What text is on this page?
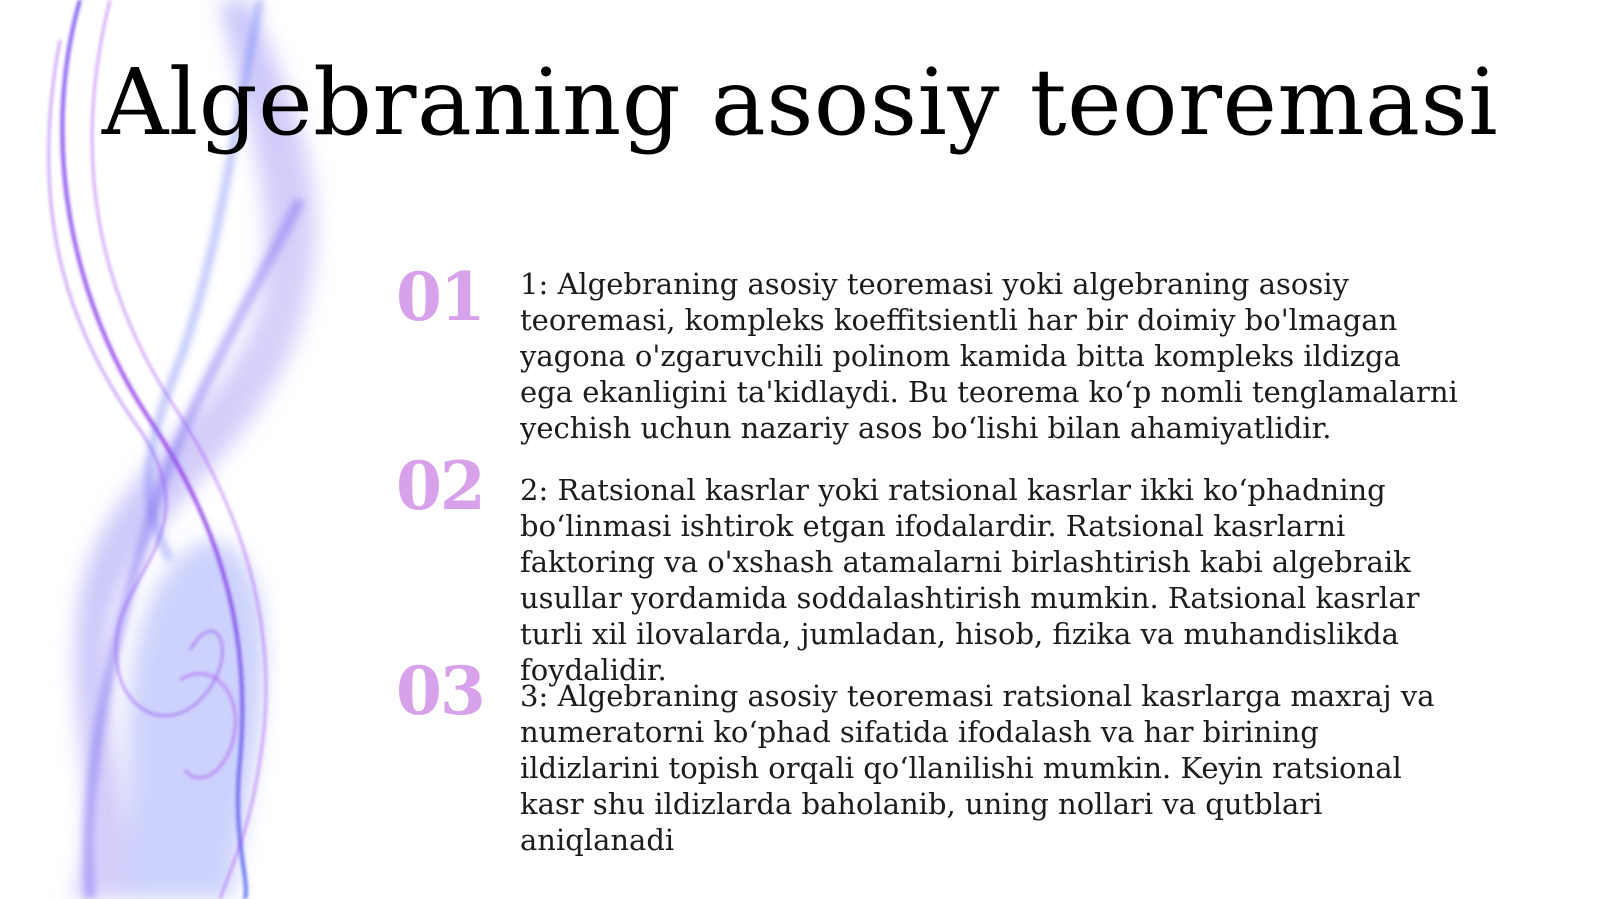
Algebraning asosiy teoremasi
01	1: Algebraning asosiy teoremasi yoki algebraning asosiy teoremasi, kompleks koeffitsientli har bir doimiy bo'lmagan yagona o'zgaruvchili polinom kamida bitta kompleks ildizga ega ekanligini ta'kidlaydi. Bu teorema koʻp nomli tenglamalarni yechish uchun nazariy asos boʻlishi bilan ahamiyatlidir.
02	2: Ratsional kasrlar yoki ratsional kasrlar ikki koʻphadning boʻlinmasi ishtirok etgan ifodalardir. Ratsional kasrlarni faktoring va o'xshash atamalarni birlashtirish kabi algebraik usullar yordamida soddalashtirish mumkin. Ratsional kasrlar turli xil ilovalarda, jumladan, hisob, fizika va muhandislikda foydalidir.
03	3: Algebraning asosiy teoremasi ratsional kasrlarga maxraj va numeratorni koʻphad sifatida ifodalash va har birining ildizlarini topish orqali qoʻllanilishi mumkin. Keyin ratsional kasr shu ildizlarda baholanib, uning nollari va qutblari aniqlanadi
